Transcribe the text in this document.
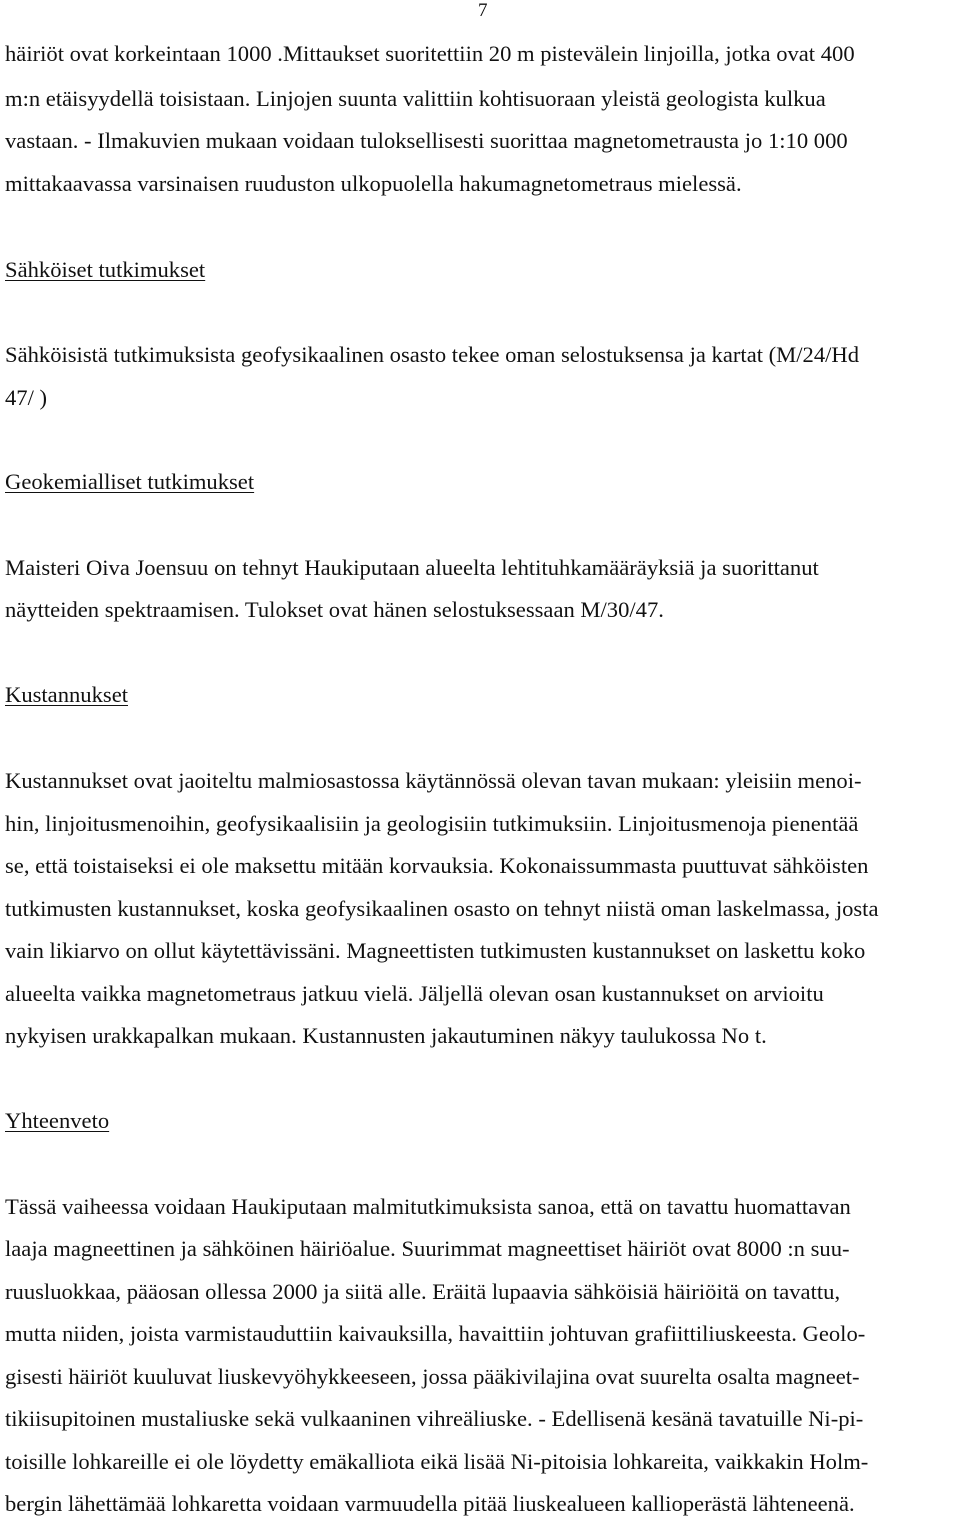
7
häiriöt ovat korkeintaan 1000 .Mittaukset suoritettiin 20 m pistevälein linjoilla, jotka ovat 400
m:n etäisyydellä toisistaan. Linjojen suunta valittiin kohtisuoraan yleistä geologista kulkua
vastaan. - Ilmakuvien mukaan voidaan tuloksellisesti suorittaa magnetometrausta jo 1:10 000
mittakaavassa varsinaisen ruuduston ulkopuolella hakumagnetometraus mielessä.
Sähköiset tutkimukset
Sähköisistä tutkimuksista geofysikaalinen osasto tekee oman selostuksensa ja kartat (M/24/Hd
47/ )
Geokemialliset tutkimukset
Maisteri Oiva Joensuu on tehnyt Haukiputaan alueelta lehtituhkamääräyksiä ja suorittanut
näytteiden spektraamisen. Tulokset ovat hänen selostuksessaan M/30/47.
Kustannukset
Kustannukset ovat jaoiteltu malmiosastossa käytännössä olevan tavan mukaan: yleisiin menoi-
hin, linjoitusmenoihin, geofysikaalisiin ja geologisiin tutkimuksiin. Linjoitusmenoja pienentää
se, että toistaiseksi ei ole maksettu mitään korvauksia. Kokonaissummasta puuttuvat sähköisten
tutkimusten kustannukset, koska geofysikaalinen osasto on tehnyt niistä oman laskelmassa, josta
vain likiarvo on ollut käytettävissäni. Magneettisten tutkimusten kustannukset on laskettu koko
alueelta vaikka magnetometraus jatkuu vielä. Jäljellä olevan osan kustannukset on arvioitu
nykyisen urakkapalkan mukaan. Kustannusten jakautuminen näkyy taulukossa No t.
Yhteenveto
Tässä vaiheessa voidaan Haukiputaan malmitutkimuksista sanoa, että on tavattu huomattavan
laaja magneettinen ja sähköinen häiriöalue. Suurimmat magneettiset häiriöt ovat 8000 :n suu-
ruusluokkaa, pääosan ollessa 2000 ja siitä alle. Eräitä lupaavia sähköisiä häiriöitä on tavattu,
mutta niiden, joista varmistauduttiin kaivauksilla, havaittiin johtuvan grafiittiliuskeesta. Geolo-
gisesti häiriöt kuuluvat liuskevyöhykkeeseen, jossa pääkivilajina ovat suurelta osalta magneet-
tikiisupitoinen mustaliuske sekä vulkaaninen vihreäliuske. - Edellisenä kesänä tavatuille Ni-pi-
toisille lohkareille ei ole löydetty emäkalliota eikä lisää Ni-pitoisia lohkareita, vaikkakin Holm-
bergin lähettämää lohkaretta voidaan varmuudella pitää liuskealueen kallioperästä lähteneenä.
